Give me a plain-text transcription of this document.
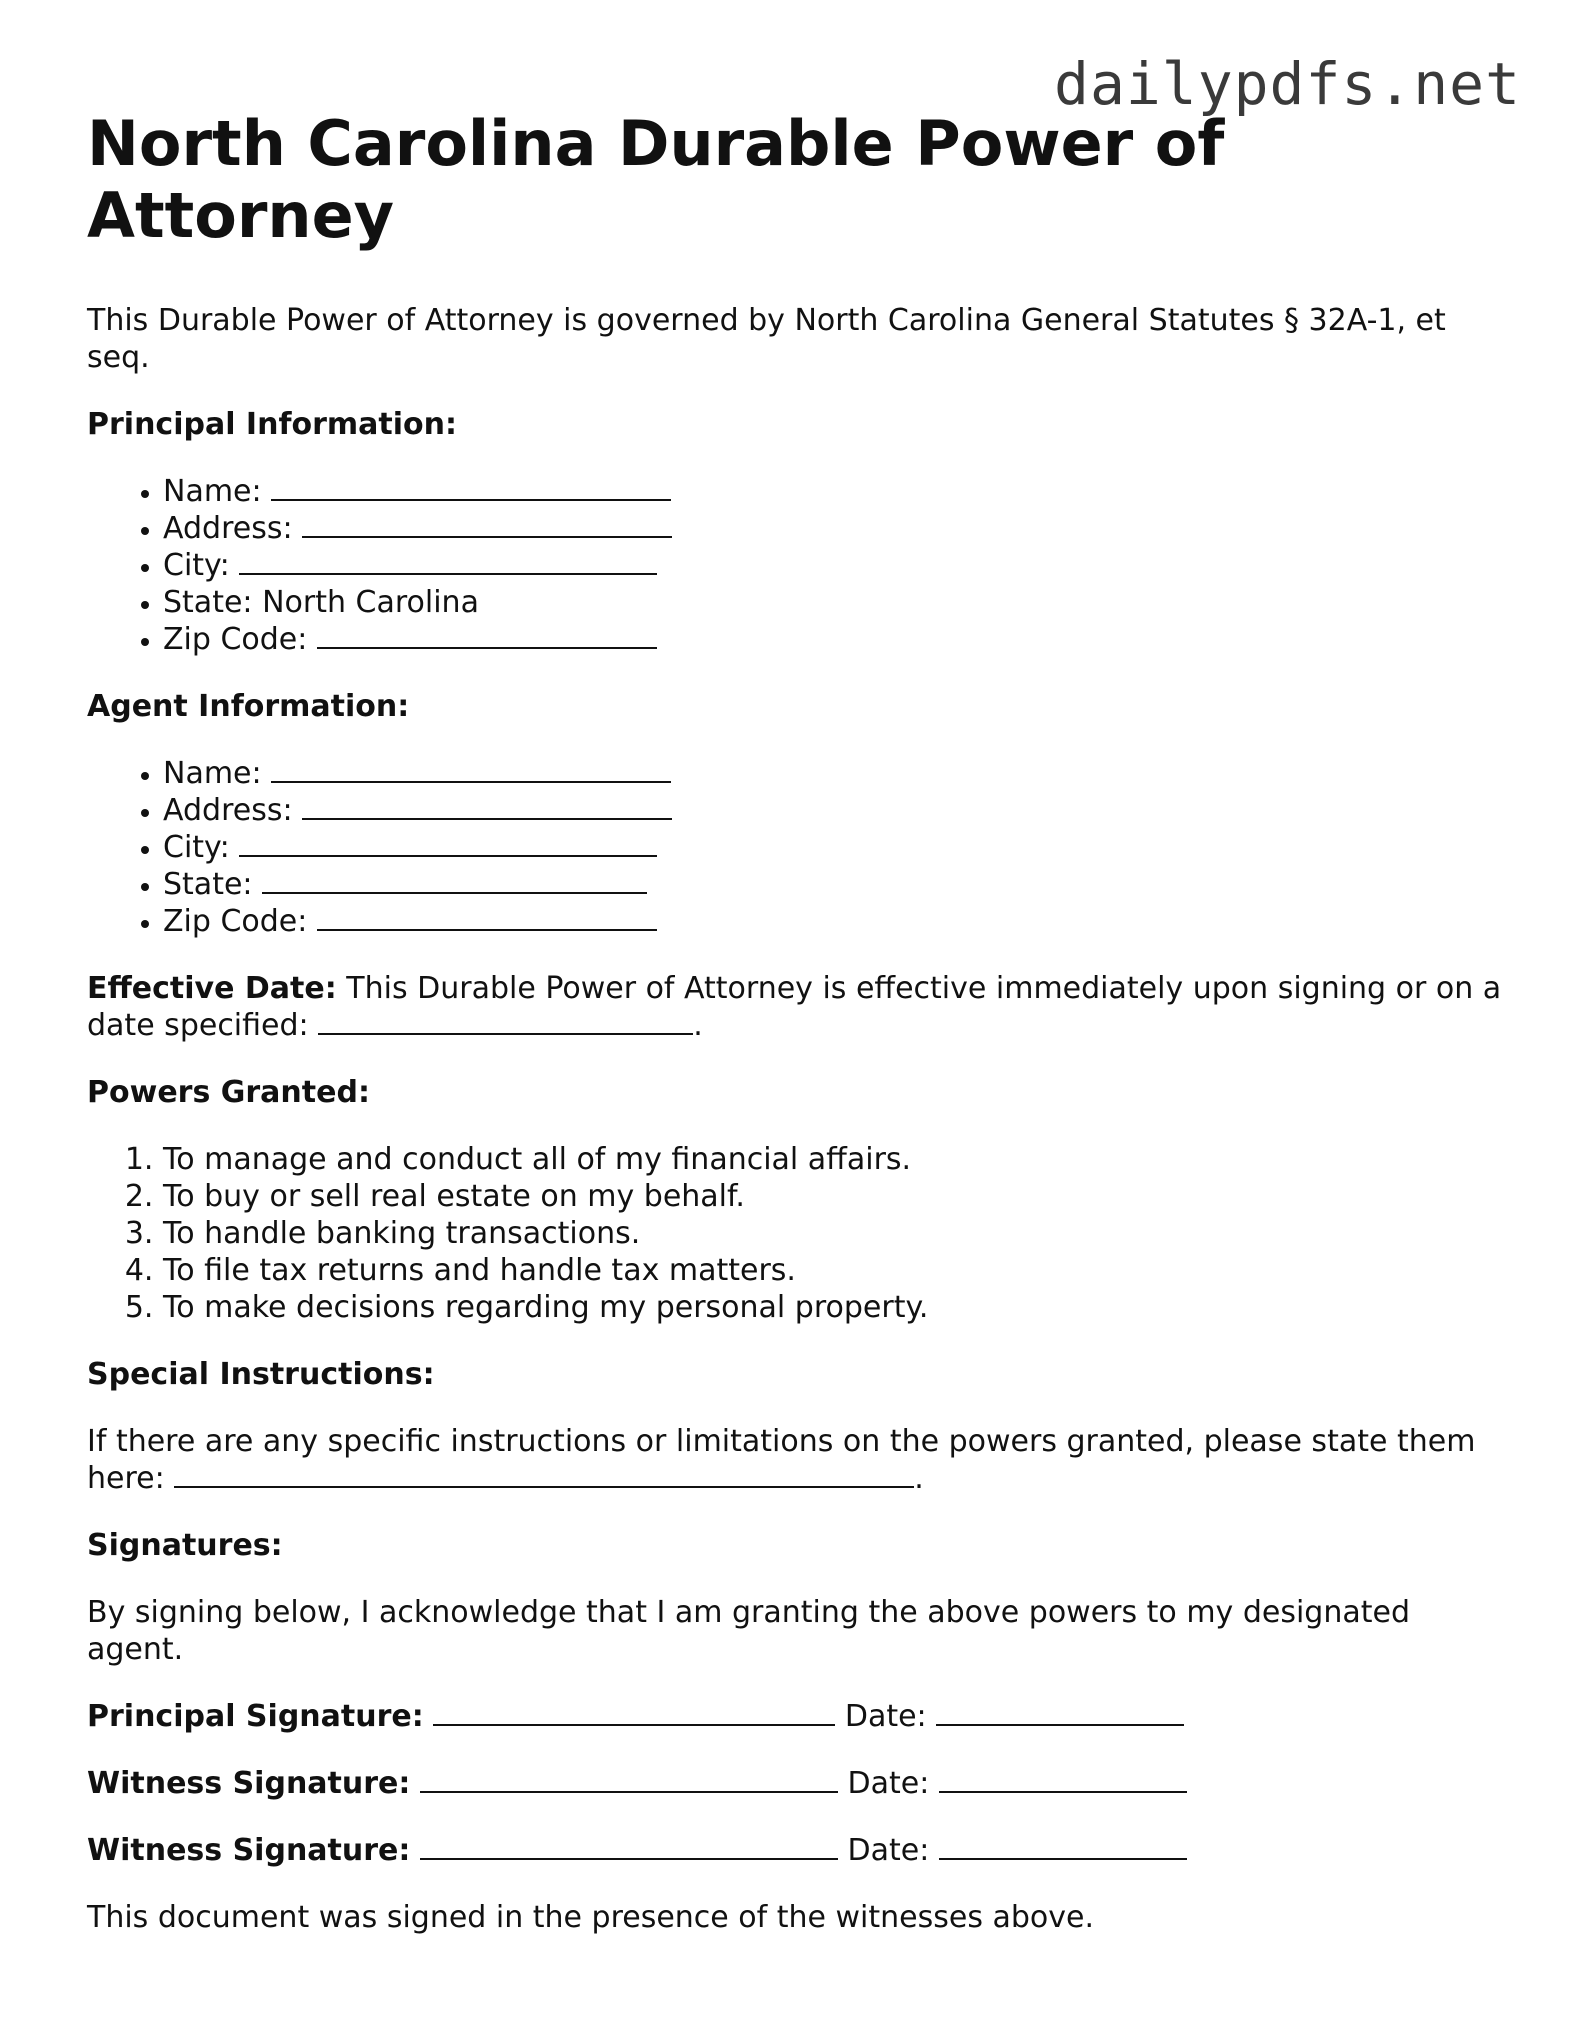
dailypdfs.net
North Carolina Durable Power of Attorney

This Durable Power of Attorney is governed by North Carolina General Statutes § 32A-1, et seq.

Principal Information:

• Name:
• Address:
• City:
• State: North Carolina
• Zip Code:

Agent Information:

• Name:
• Address:
• City:
• State:
• Zip Code:

Effective Date: This Durable Power of Attorney is effective immediately upon signing or on a date specified:	.

Powers Granted:

1. To manage and conduct all of my financial affairs.
2. To buy or sell real estate on my behalf.
3. To handle banking transactions.
4. To file tax returns and handle tax matters.
5. To make decisions regarding my personal property.

Special Instructions:

If there are any specific instructions or limitations on the powers granted, please state them here:	.

Signatures:

By signing below, I acknowledge that I am granting the above powers to my designated agent.

Principal Signature:	Date:

Witness Signature:	Date:

Witness Signature:	Date:

This document was signed in the presence of the witnesses above.
